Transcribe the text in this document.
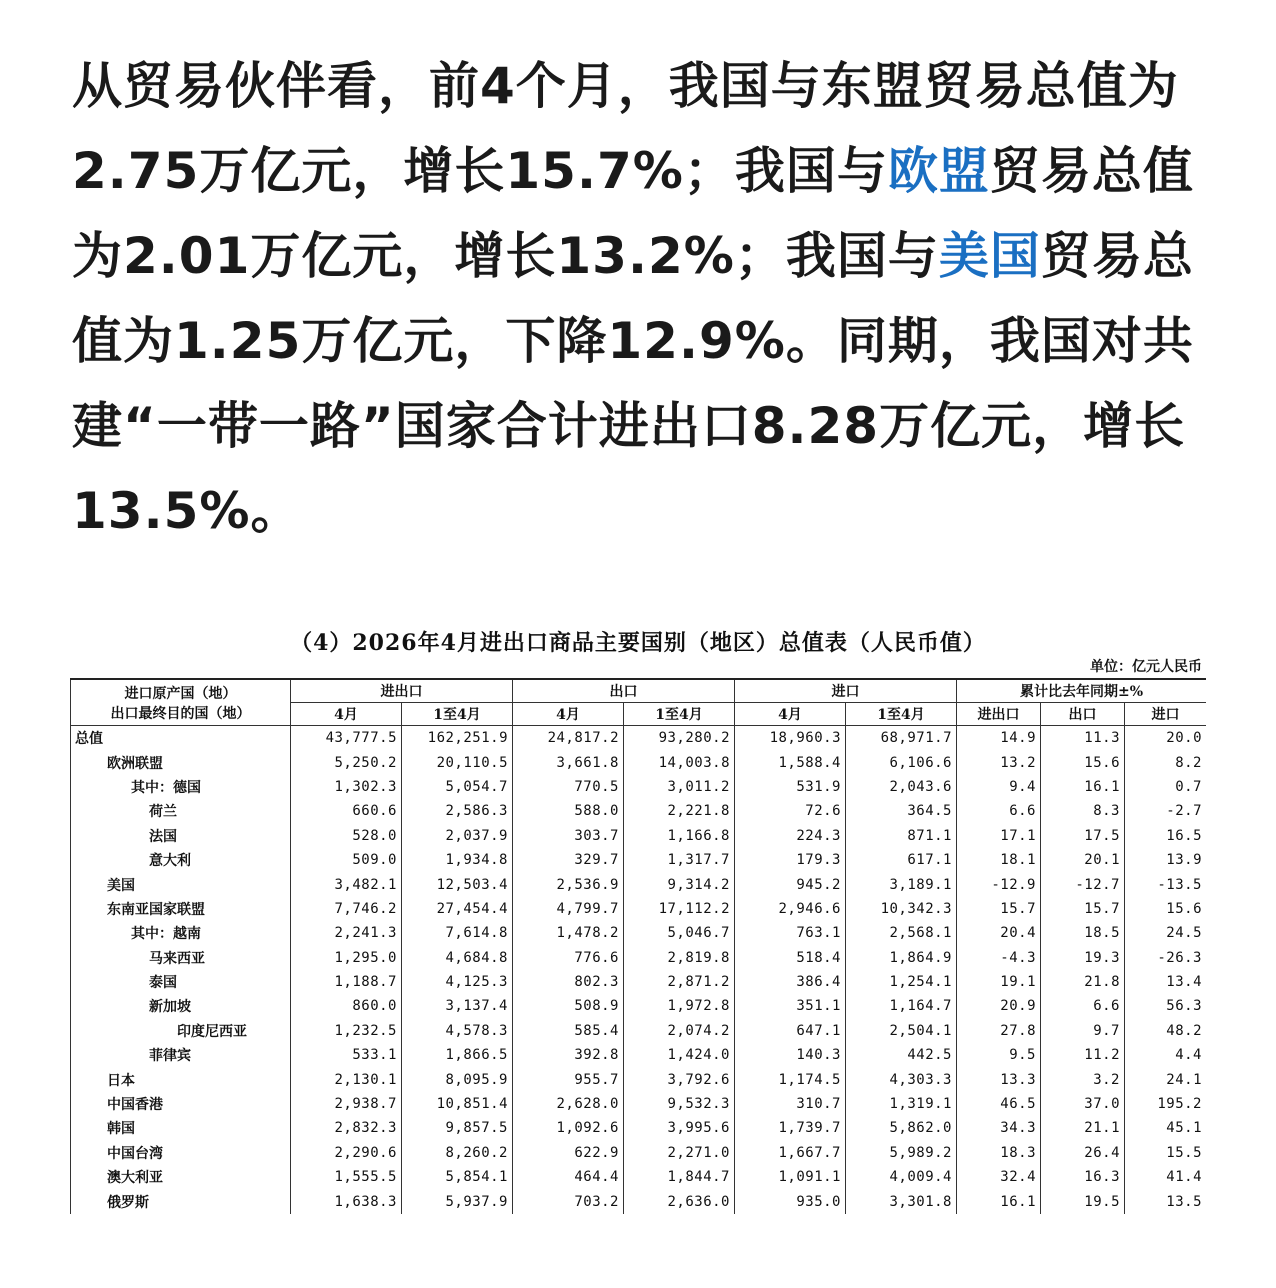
从贸易伙伴看，前4个月，我国与东盟贸易总值为2.75万亿元，增长15.7%；我国与欧盟贸易总值为2.01万亿元，增长13.2%；我国与美国贸易总值为1.25万亿元，下降12.9%。同期，我国对共建“一带一路”国家合计进出口8.28万亿元，增长13.5%。
（4）2026年4月进出口商品主要国别（地区）总值表（人民币值）
单位：亿元人民币
进口原产国（地）
出口最终目的国（地）	进出口		出口		进口		累计比去年同期±%		
	4月	1至4月	4月	1至4月	4月	1至4月	进出口	出口	进口
总值	43,777.5	162,251.9	24,817.2	93,280.2	18,960.3	68,971.7	14.9	11.3	20.0
欧洲联盟	5,250.2	20,110.5	3,661.8	14,003.8	1,588.4	6,106.6	13.2	15.6	8.2
其中：德国	1,302.3	5,054.7	770.5	3,011.2	531.9	2,043.6	9.4	16.1	0.7
荷兰	660.6	2,586.3	588.0	2,221.8	72.6	364.5	6.6	8.3	-2.7
法国	528.0	2,037.9	303.7	1,166.8	224.3	871.1	17.1	17.5	16.5
意大利	509.0	1,934.8	329.7	1,317.7	179.3	617.1	18.1	20.1	13.9
美国	3,482.1	12,503.4	2,536.9	9,314.2	945.2	3,189.1	-12.9	-12.7	-13.5
东南亚国家联盟	7,746.2	27,454.4	4,799.7	17,112.2	2,946.6	10,342.3	15.7	15.7	15.6
其中：越南	2,241.3	7,614.8	1,478.2	5,046.7	763.1	2,568.1	20.4	18.5	24.5
马来西亚	1,295.0	4,684.8	776.6	2,819.8	518.4	1,864.9	-4.3	19.3	-26.3
泰国	1,188.7	4,125.3	802.3	2,871.2	386.4	1,254.1	19.1	21.8	13.4
新加坡	860.0	3,137.4	508.9	1,972.8	351.1	1,164.7	20.9	6.6	56.3
印度尼西亚	1,232.5	4,578.3	585.4	2,074.2	647.1	2,504.1	27.8	9.7	48.2
菲律宾	533.1	1,866.5	392.8	1,424.0	140.3	442.5	9.5	11.2	4.4
日本	2,130.1	8,095.9	955.7	3,792.6	1,174.5	4,303.3	13.3	3.2	24.1
中国香港	2,938.7	10,851.4	2,628.0	9,532.3	310.7	1,319.1	46.5	37.0	195.2
韩国	2,832.3	9,857.5	1,092.6	3,995.6	1,739.7	5,862.0	34.3	21.1	45.1
中国台湾	2,290.6	8,260.2	622.9	2,271.0	1,667.7	5,989.2	18.3	26.4	15.5
澳大利亚	1,555.5	5,854.1	464.4	1,844.7	1,091.1	4,009.4	32.4	16.3	41.4
俄罗斯	1,638.3	5,937.9	703.2	2,636.0	935.0	3,301.8	16.1	19.5	13.5
